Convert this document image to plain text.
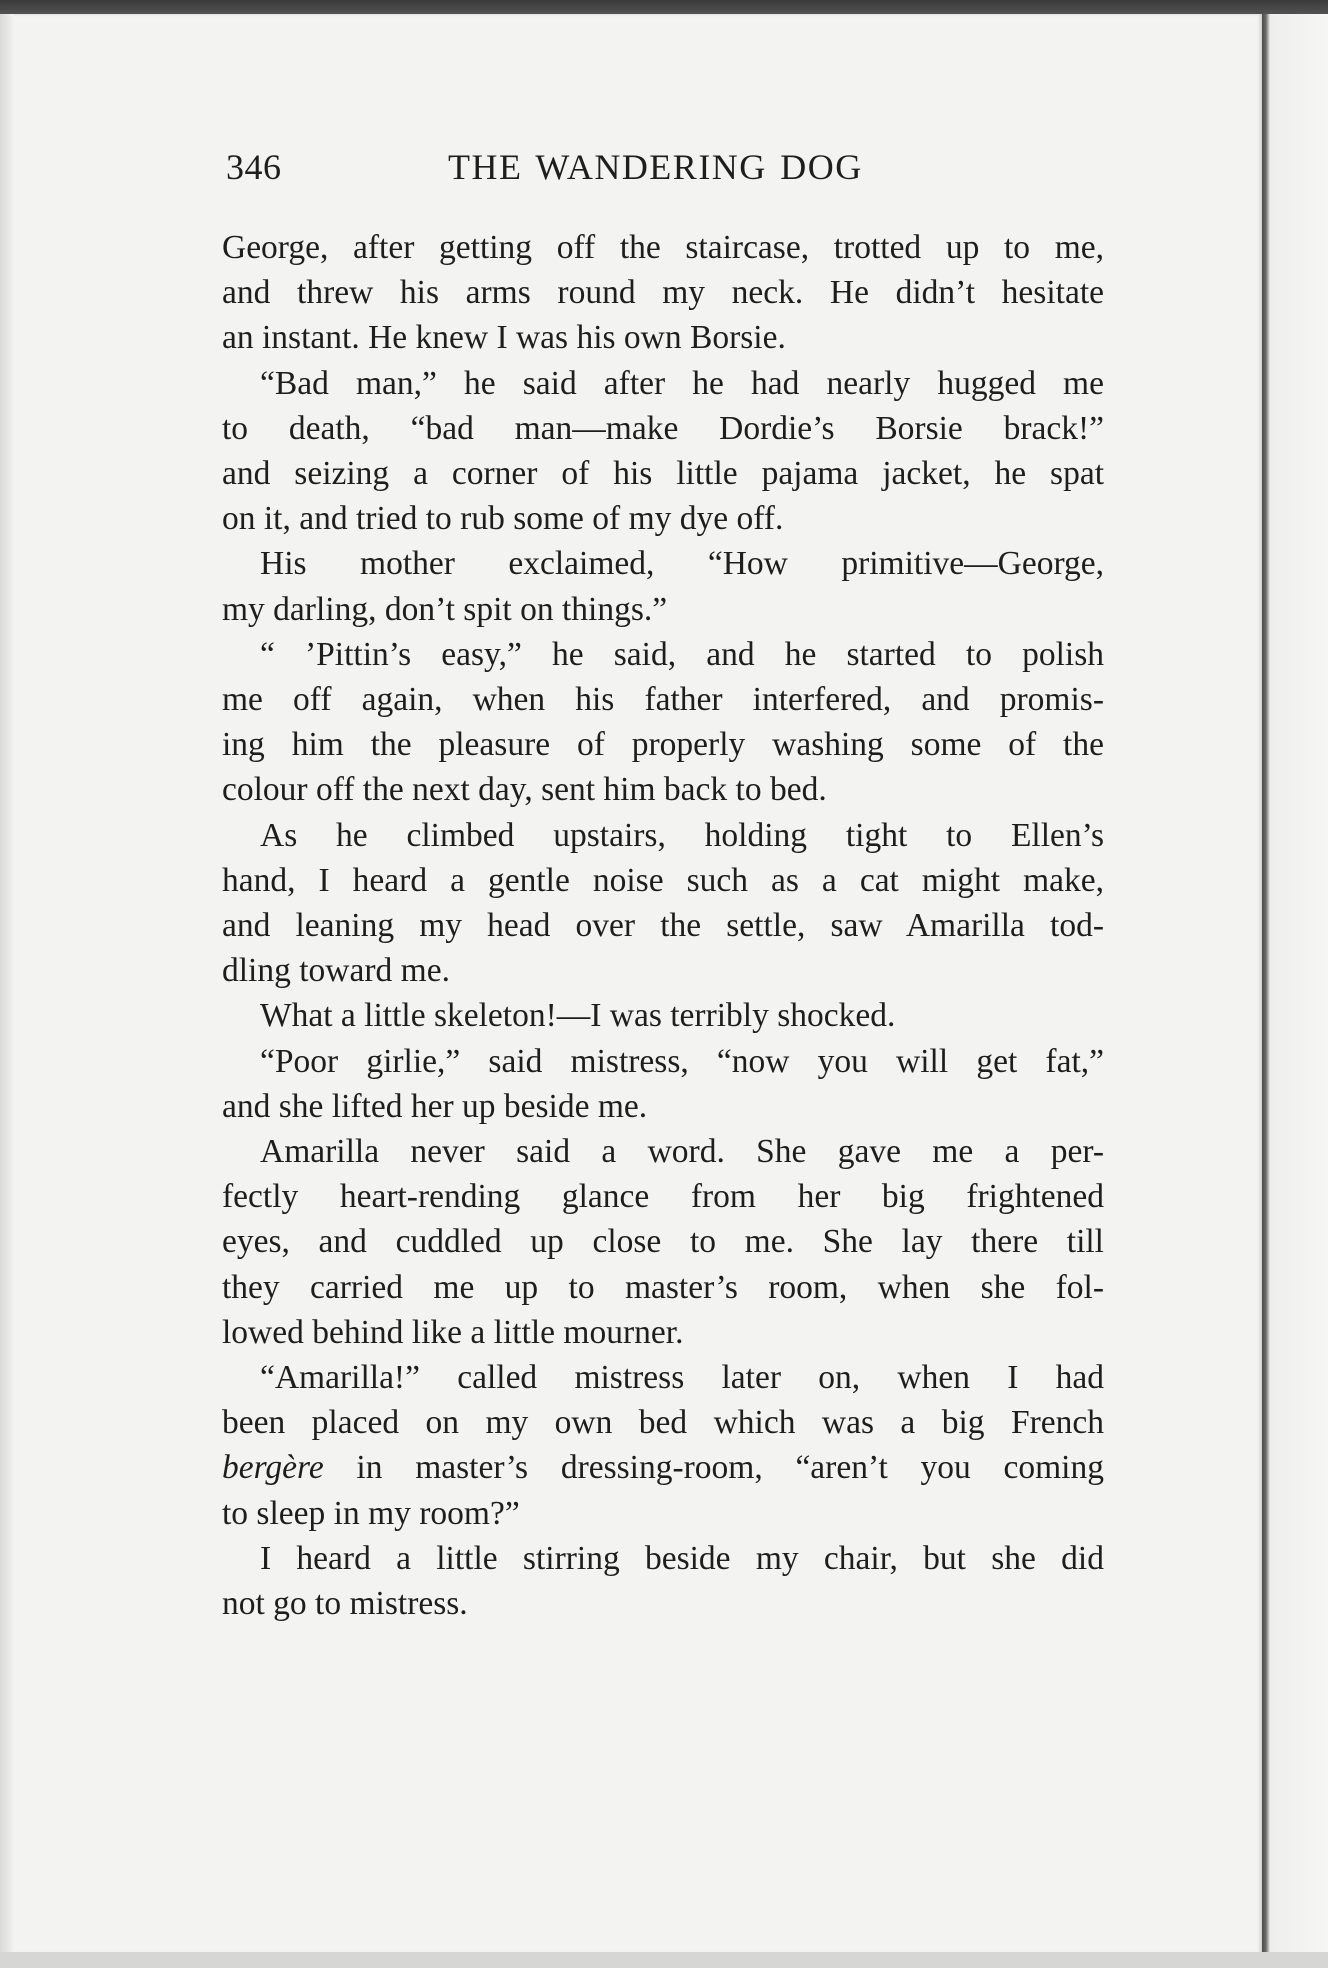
346	THE WANDERING DOG

George, after getting off the staircase, trotted up to me,
and threw his arms round my neck. He didn’t hesitate
an instant. He knew I was his own Borsie.

“Bad man,” he said after he had nearly hugged me
to death, “bad man—make Dordie’s Borsie brack!”
and seizing a corner of his little pajama jacket, he spat
on it, and tried to rub some of my dye off.

His mother exclaimed, “How primitive—George,
my darling, don’t spit on things.”

“ ’Pittin’s easy,” he said, and he started to polish
me off again, when his father interfered, and promis-
ing him the pleasure of properly washing some of the
colour off the next day, sent him back to bed.

As he climbed upstairs, holding tight to Ellen’s
hand, I heard a gentle noise such as a cat might make,
and leaning my head over the settle, saw Amarilla tod-
dling toward me.

What a little skeleton!—I was terribly shocked.

“Poor girlie,” said mistress, “now you will get fat,”
and she lifted her up beside me.

Amarilla never said a word. She gave me a per-
fectly heart-rending glance from her big frightened
eyes, and cuddled up close to me. She lay there till
they carried me up to master’s room, when she fol-
lowed behind like a little mourner.

“Amarilla!” called mistress later on, when I had
been placed on my own bed which was a big French
bergère in master’s dressing-room, “aren’t you coming
to sleep in my room?”

I heard a little stirring beside my chair, but she did
not go to mistress.
